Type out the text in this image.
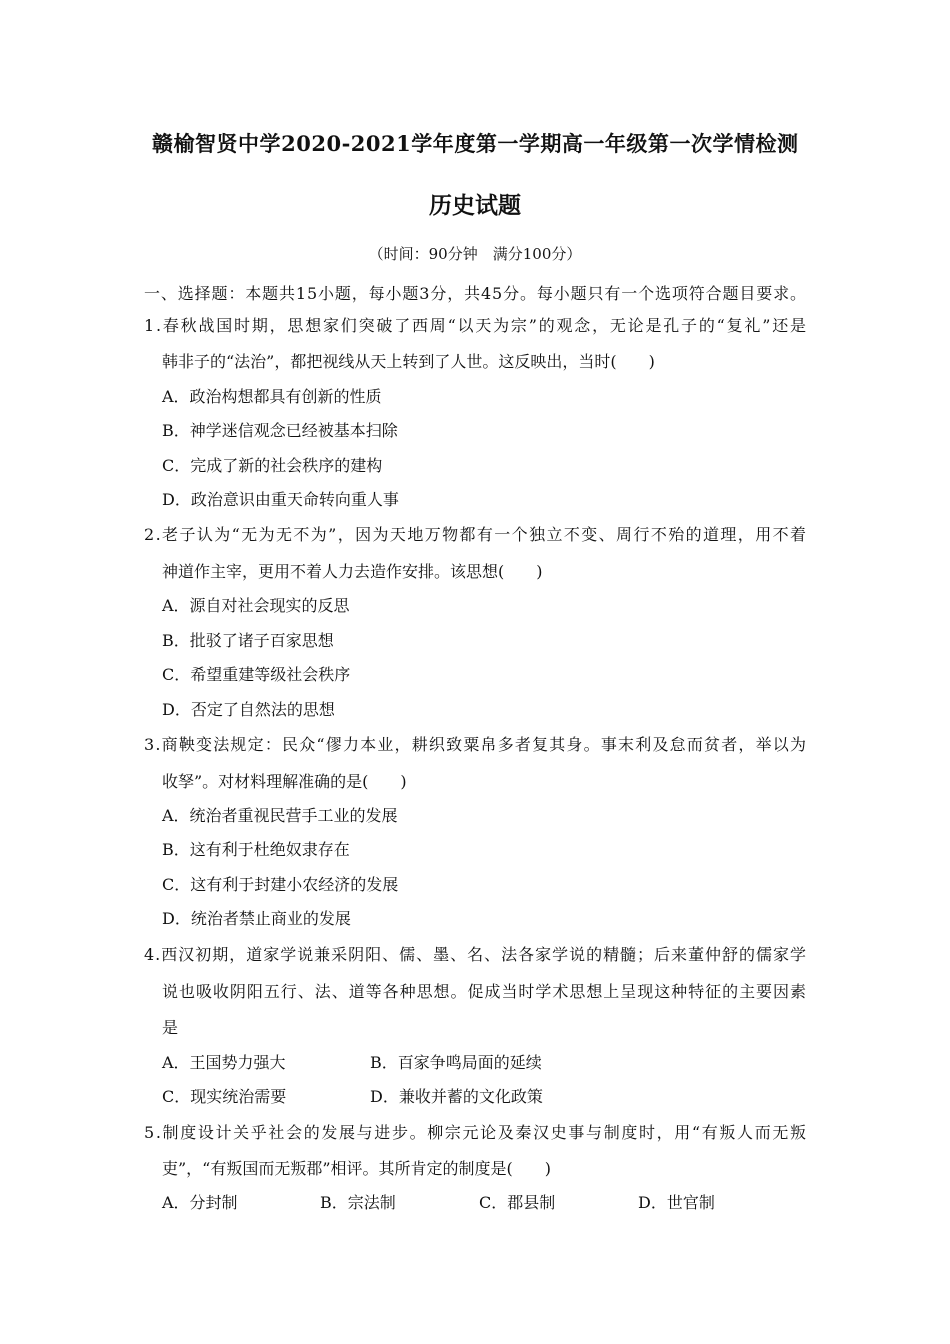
赣榆智贤中学2020-2021学年度第一学期高一年级第一次学情检测
历史试题
（时间：90分钟　满分100分）
一、选择题：本题共15小题，每小题3分，共45分。每小题只有一个选项符合题目要求。
1.春秋战国时期，思想家们突破了西周“以天为宗”的观念，无论是孔子的“复礼”还是
韩非子的“法治”，都把视线从天上转到了人世。这反映出，当时(　　)
A．政治构想都具有创新的性质
B．神学迷信观念已经被基本扫除
C．完成了新的社会秩序的建构
D．政治意识由重天命转向重人事
2.老子认为“无为无不为”，因为天地万物都有一个独立不变、周行不殆的道理，用不着
神道作主宰，更用不着人力去造作安排。该思想(　　)
A．源自对社会现实的反思
B．批驳了诸子百家思想
C．希望重建等级社会秩序
D．否定了自然法的思想
3.商鞅变法规定：民众“僇力本业，耕织致粟帛多者复其身。事末利及怠而贫者，举以为
收孥”。对材料理解准确的是(　　)
A．统治者重视民营手工业的发展
B．这有利于杜绝奴隶存在
C．这有利于封建小农经济的发展
D．统治者禁止商业的发展
4.西汉初期，道家学说兼采阴阳、儒、墨、名、法各家学说的精髓；后来董仲舒的儒家学
说也吸收阴阳五行、法、道等各种思想。促成当时学术思想上呈现这种特征的主要因素
是
A．王国势力强大	B．百家争鸣局面的延续
C．现实统治需要	D．兼收并蓄的文化政策
5.制度设计关乎社会的发展与进步。柳宗元论及秦汉史事与制度时，用“有叛人而无叛
吏”，“有叛国而无叛郡”相评。其所肯定的制度是(　　)
A．分封制	B．宗法制	C．郡县制	D．世官制
